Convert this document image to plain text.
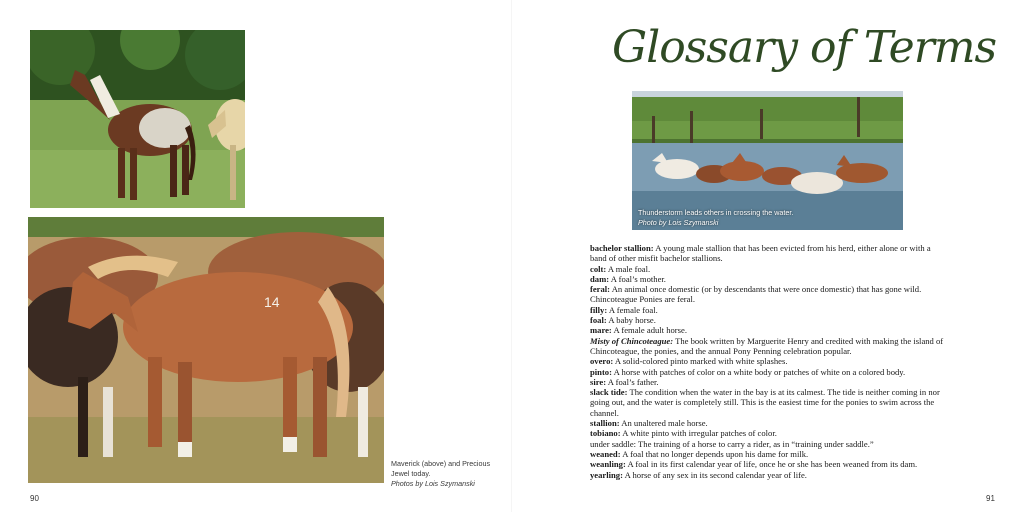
14
Maverick (above) and Precious Jewel today.
Photos by Lois Szymanski
90
Glossary of Terms
Thunderstorm leads others in crossing the water.
Photo by Lois Szymanski

bachelor stallion: A young male stallion that has been evicted from his herd, either alone or with a band of other misfit bachelor stallions.

colt: A male foal.

dam: A foal’s mother.

feral: An animal once domestic (or by descendants that were once domestic) that has gone wild. Chincoteague Ponies are feral.

filly: A female foal.

foal: A baby horse.

mare: A female adult horse.

Misty of Chincoteague: The book written by Marguerite Henry and credited with making the island of Chincoteague, the ponies, and the annual Pony Penning celebration popular.

overo: A solid-colored pinto marked with white splashes.

pinto: A horse with patches of color on a white body or patches of white on a colored body.

sire: A foal’s father.

slack tide: The condition when the water in the bay is at its calmest. The tide is neither coming in nor going out, and the water is completely still. This is the easiest time for the ponies to swim across the channel.

stallion: An unaltered male horse.

tobiano: A white pinto with irregular patches of color.

under saddle: The training of a horse to carry a rider, as in “training under saddle.”

weaned: A foal that no longer depends upon his dame for milk.

weanling: A foal in its first calendar year of life, once he or she has been weaned from its dam.

yearling: A horse of any sex in its second calendar year of life.

91
